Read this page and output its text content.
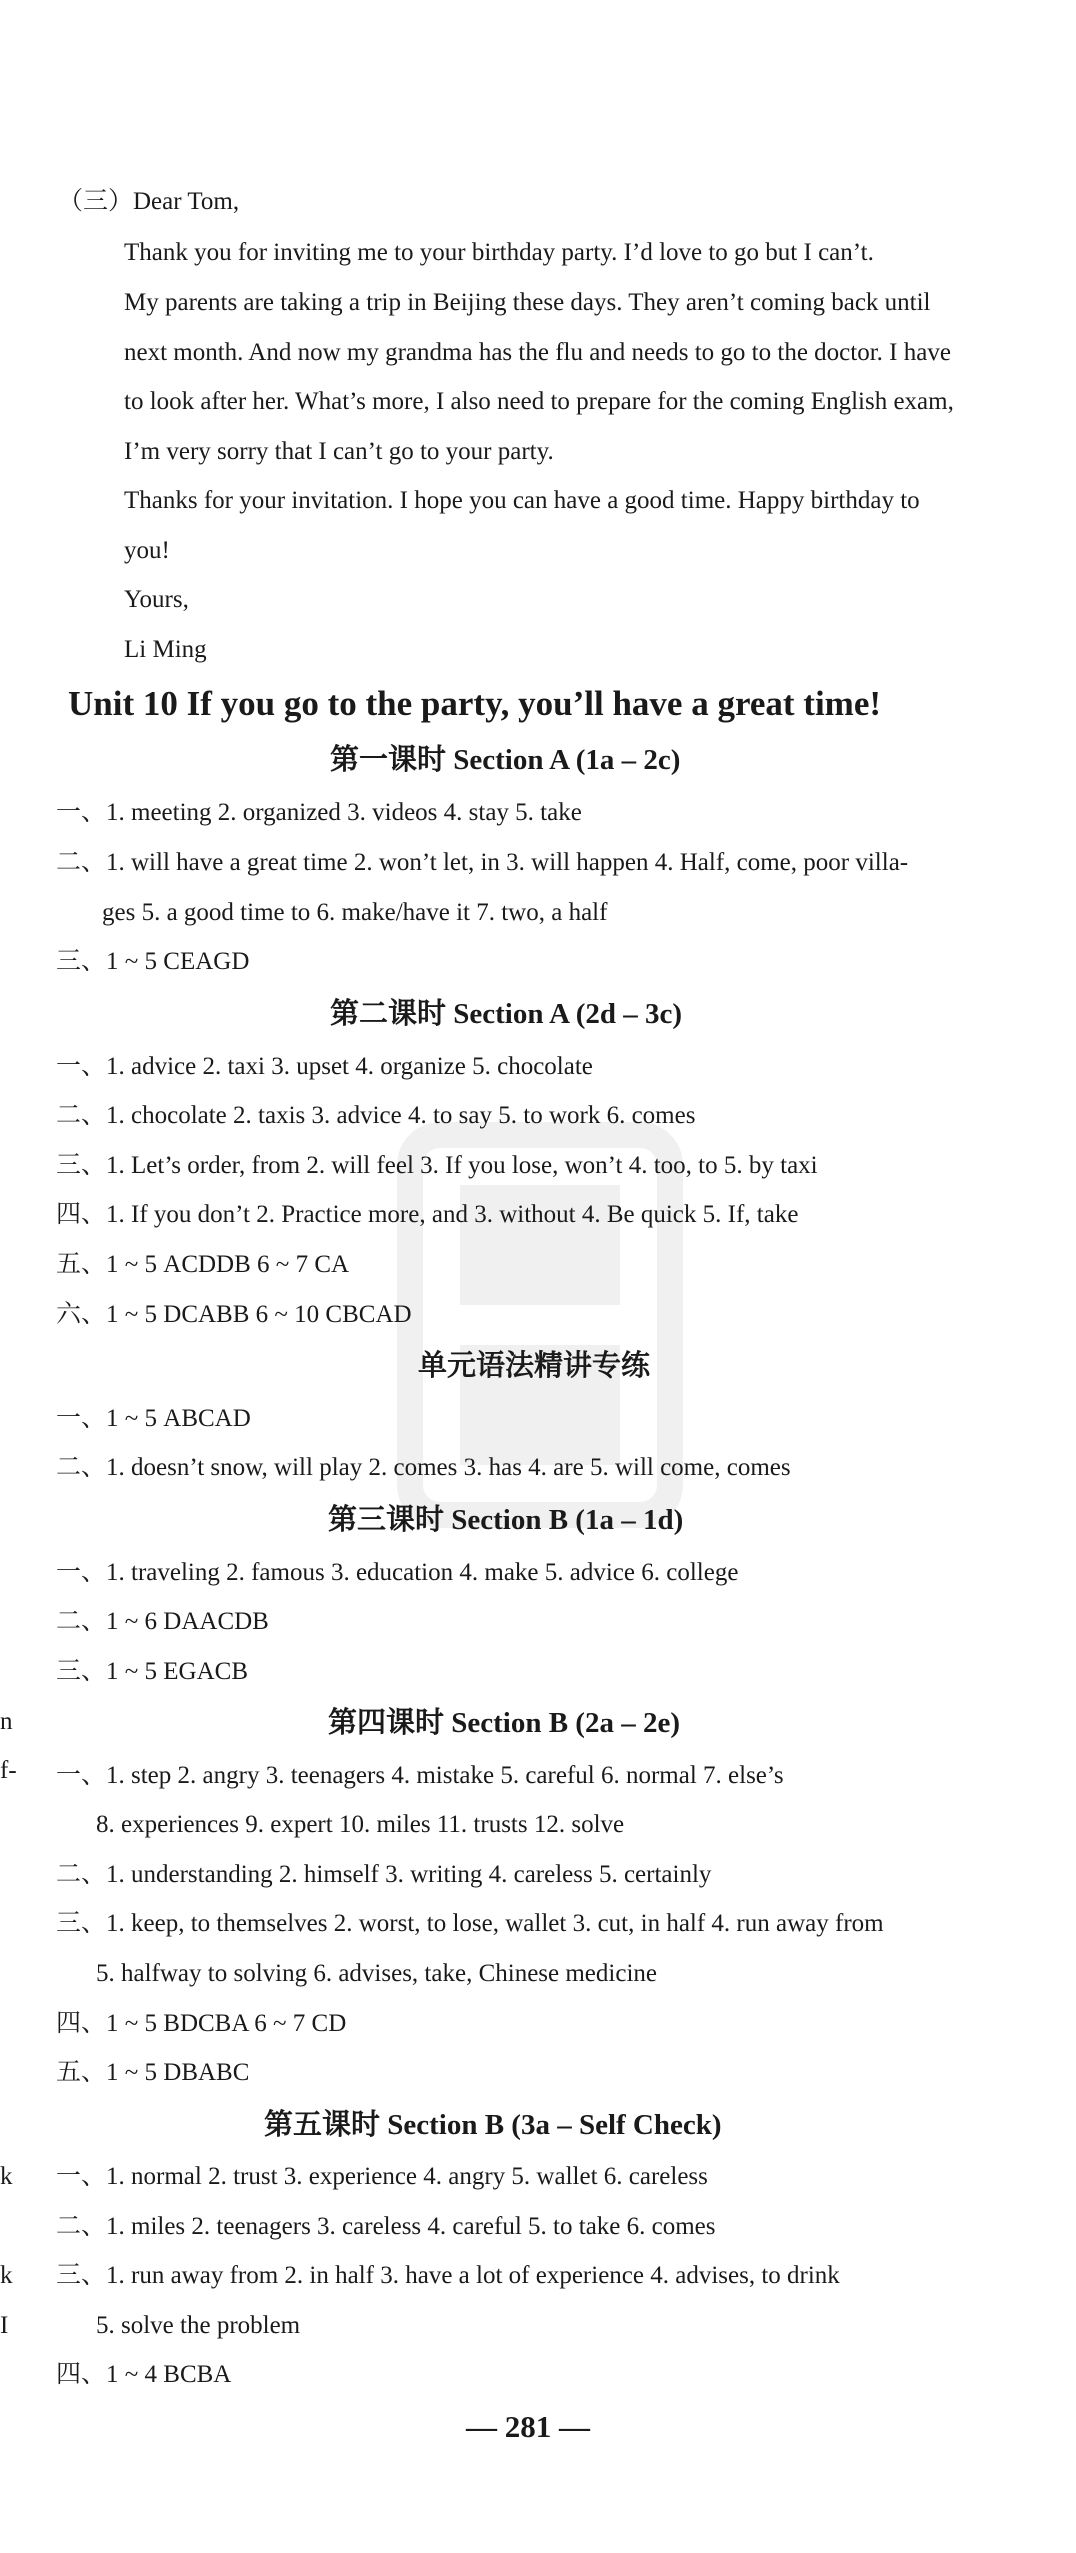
（三）Dear Tom,
Thank you for inviting me to your birthday party. I’d love to go but I can’t.
My parents are taking a trip in Beijing these days. They aren’t coming back until
next month. And now my grandma has the flu and needs to go to the doctor. I have
to look after her. What’s more, I also need to prepare for the coming English exam,
I’m very sorry that I can’t go to your party.
Thanks for your invitation. I hope you can have a good time. Happy birthday to
you!
Yours,
Li Ming
Unit 10 If you go to the party, you’ll have a great time!
第一课时 Section A (1a – 2c)
一、1. meeting 2. organized 3. videos 4. stay 5. take
二、1. will have a great time 2. won’t let, in 3. will happen 4. Half, come, poor villa-
ges 5. a good time to 6. make/have it 7. two, a half
三、1 ~ 5 CEAGD
第二课时 Section A (2d – 3c)
一、1. advice 2. taxi 3. upset 4. organize 5. chocolate
二、1. chocolate 2. taxis 3. advice 4. to say 5. to work 6. comes
三、1. Let’s order, from 2. will feel 3. If you lose, won’t 4. too, to 5. by taxi
四、1. If you don’t 2. Practice more, and 3. without 4. Be quick 5. If, take
五、1 ~ 5 ACDDB 6 ~ 7 CA
六、1 ~ 5 DCABB 6 ~ 10 CBCAD
单元语法精讲专练
一、1 ~ 5 ABCAD
二、1. doesn’t snow, will play 2. comes 3. has 4. are 5. will come, comes
第三课时 Section B (1a – 1d)
一、1. traveling 2. famous 3. education 4. make 5. advice 6. college
二、1 ~ 6 DAACDB
三、1 ~ 5 EGACB
第四课时 Section B (2a – 2e)
一、1. step 2. angry 3. teenagers 4. mistake 5. careful 6. normal 7. else’s
8. experiences 9. expert 10. miles 11. trusts 12. solve
二、1. understanding 2. himself 3. writing 4. careless 5. certainly
三、1. keep, to themselves 2. worst, to lose, wallet 3. cut, in half 4. run away from
5. halfway to solving 6. advises, take, Chinese medicine
四、1 ~ 5 BDCBA 6 ~ 7 CD
五、1 ~ 5 DBABC
第五课时 Section B (3a – Self Check)
一、1. normal 2. trust 3. experience 4. angry 5. wallet 6. careless
二、1. miles 2. teenagers 3. careless 4. careful 5. to take 6. comes
三、1. run away from 2. in half 3. have a lot of experience 4. advises, to drink
5. solve the problem
四、1 ~ 4 BCBA
— 281 —
n
f-
k
k
I
